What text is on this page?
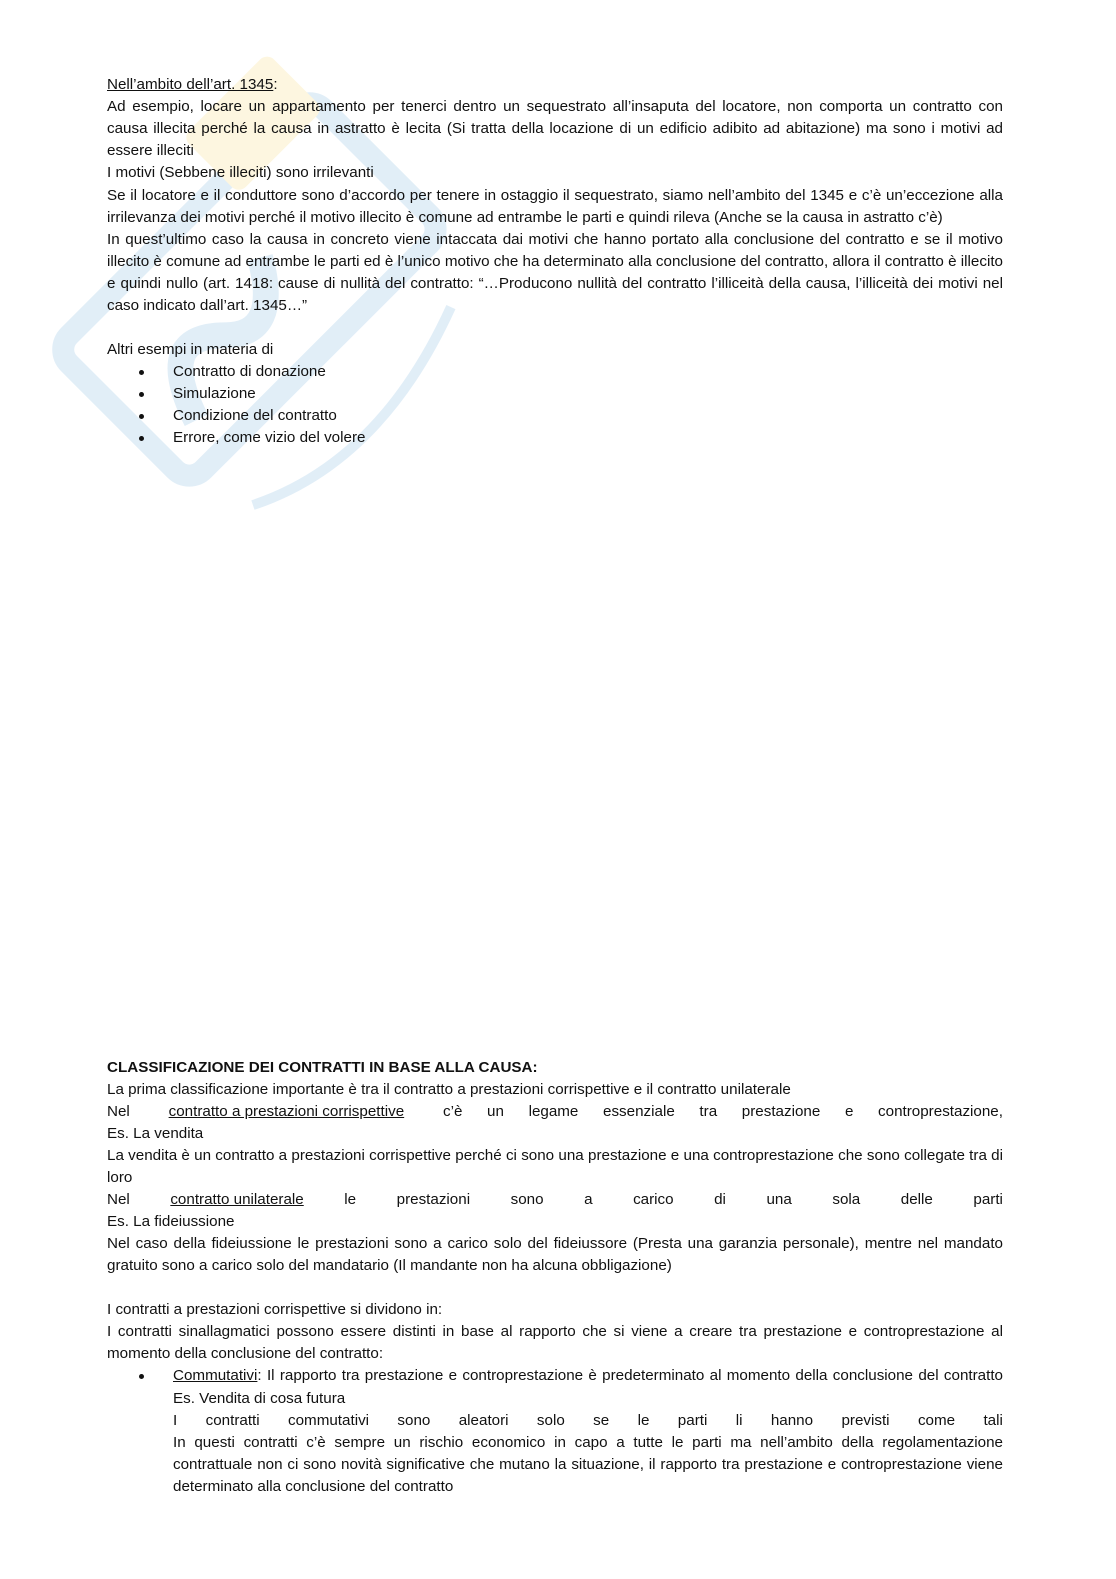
Nell’ambito dell’art. 1345:

Ad esempio, locare un appartamento per tenerci dentro un sequestrato all’insaputa del locatore, non comporta un contratto con causa illecita perché la causa in astratto è lecita (Si tratta della locazione di un edificio adibito ad abitazione) ma sono i motivi ad essere illeciti

I motivi (Sebbene illeciti) sono irrilevanti

Se il locatore e il conduttore sono d’accordo per tenere in ostaggio il sequestrato, siamo nell’ambito del 1345 e c’è un’eccezione alla irrilevanza dei motivi perché il motivo illecito è comune ad entrambe le parti e quindi rileva (Anche se la causa in astratto c’è)

In quest’ultimo caso la causa in concreto viene intaccata dai motivi che hanno portato alla conclusione del contratto e se il motivo illecito è comune ad entrambe le parti ed è l’unico motivo che ha determinato alla conclusione del contratto, allora il contratto è illecito e quindi nullo (art. 1418: cause di nullità del contratto: “…Producono nullità del contratto l’illiceità della causa, l’illiceità dei motivi nel caso indicato dall’art. 1345…”

Altri esempi in materia di

Contratto di donazione
Simulazione
Condizione del contratto
Errore, come vizio del volere

CLASSIFICAZIONE DEI CONTRATTI IN BASE ALLA CAUSA:

La prima classificazione importante è tra il contratto a prestazioni corrispettive e il contratto unilaterale

Nel	contratto a prestazioni corrispettive	c’è un legame essenziale tra prestazione e controprestazione,

Es. La vendita

La vendita è un contratto a prestazioni corrispettive perché ci sono una prestazione e una controprestazione che sono collegate tra di loro

Nel	contratto unilaterale	le	prestazioni	sono	a	carico	di	una	sola	delle	parti

Es. La fideiussione

Nel caso della fideiussione le prestazioni sono a carico solo del fideiussore (Presta una garanzia personale), mentre nel mandato gratuito sono a carico solo del mandatario (Il mandante non ha alcuna obbligazione)

I contratti a prestazioni corrispettive si dividono in:

I contratti sinallagmatici possono essere distinti in base al rapporto che si viene a creare tra prestazione e controprestazione al momento della conclusione del contratto:

Commutativi: Il rapporto tra prestazione e controprestazione è predeterminato al momento della conclusione del contratto Es. Vendita di cosa futura
I contratti commutativi sono aleatori solo se le parti li hanno previsti come tali

In questi contratti c’è sempre un rischio economico in capo a tutte le parti ma nell’ambito della regolamentazione contrattuale non ci sono novità significative che mutano la situazione, il rapporto tra prestazione e controprestazione viene determinato alla conclusione del contratto
